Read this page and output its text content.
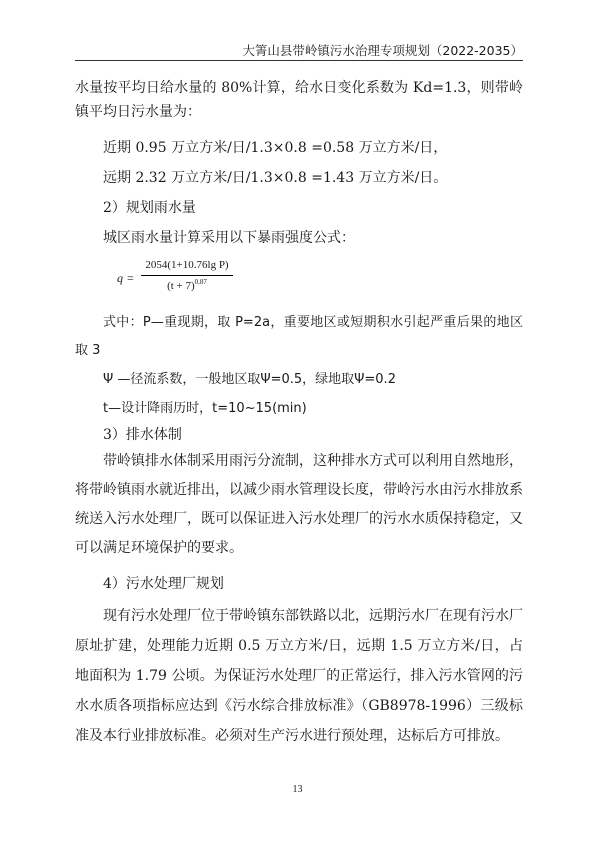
大箐山县带岭镇污水治理专项规划（2022-2035）

水量按平均日给水量的 80%计算，给水日变化系数为 Kd=1.3，则带岭镇平均日污水量为：

近期 0.95 万立方米/日/1.3×0.8 =0.58 万立方米/日，

远期 2.32 万立方米/日/1.3×0.8 =1.43 万立方米/日。

2）规划雨水量

城区雨水量计算采用以下暴雨强度公式：

q =
2054(1+10.76lg P)
$(t + 7)^{0.87}$

式中：P—重现期，取 P=2a，重要地区或短期积水引起严重后果的地区取 3

Ψ —径流系数，一般地区取Ψ=0.5，绿地取Ψ=0.2

t—设计降雨历时，t=10~15(min)

3）排水体制

带岭镇排水体制采用雨污分流制，这种排水方式可以利用自然地形，将带岭镇雨水就近排出，以减少雨水管理设长度，带岭污水由污水排放系统送入污水处理厂，既可以保证进入污水处理厂的污水水质保持稳定，又可以满足环境保护的要求。

4）污水处理厂规划

现有污水处理厂位于带岭镇东部铁路以北，远期污水厂在现有污水厂原址扩建，处理能力近期 0.5 万立方米/日，远期 1.5 万立方米/日，占地面积为 1.79 公顷。为保证污水处理厂的正常运行，排入污水管网的污水水质各项指标应达到《污水综合排放标准》（GB8978-1996）三级标准及本行业排放标准。必须对生产污水进行预处理，达标后方可排放。

13
